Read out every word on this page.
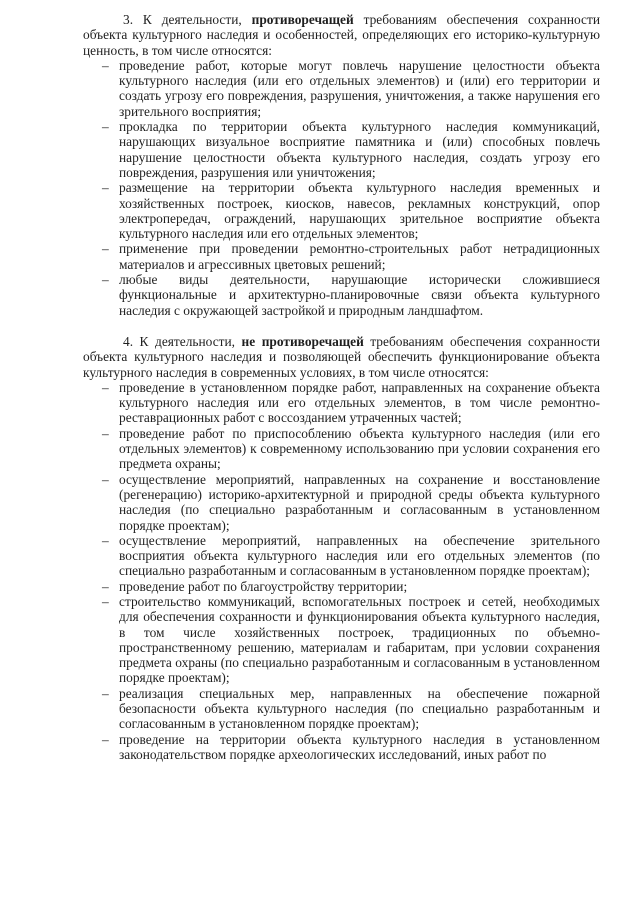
3. К деятельности, противоречащей требованиям обеспечения сохранности объекта культурного наследия и особенностей, определяющих его историко-культурную ценность, в том числе относятся:

– проведение работ, которые могут повлечь нарушение целостности объекта культурного наследия (или его отдельных элементов) и (или) его территории и создать угрозу его повреждения, разрушения, уничтожения, а также нарушения его зрительного восприятия;
– прокладка по территории объекта культурного наследия коммуникаций, нарушающих визуальное восприятие памятника и (или) способных повлечь нарушение целостности объекта культурного наследия, создать угрозу его повреждения, разрушения или уничтожения;
– размещение на территории объекта культурного наследия временных и хозяйственных построек, киосков, навесов, рекламных конструкций, опор электропередач, ограждений, нарушающих зрительное восприятие объекта культурного наследия или его отдельных элементов;
– применение при проведении ремонтно-строительных работ нетрадиционных материалов и агрессивных цветовых решений;
– любые виды деятельности, нарушающие исторически сложившиеся функциональные и архитектурно-планировочные связи объекта культурного наследия с окружающей застройкой и природным ландшафтом.

4. К деятельности, не противоречащей требованиям обеспечения сохранности объекта культурного наследия и позволяющей обеспечить функционирование объекта культурного наследия в современных условиях, в том числе относятся:

– проведение в установленном порядке работ, направленных на сохранение объекта культурного наследия или его отдельных элементов, в том числе ремонтно-реставрационных работ с воссозданием утраченных частей;
– проведение работ по приспособлению объекта культурного наследия (или его отдельных элементов) к современному использованию при условии сохранения его предмета охраны;
– осуществление мероприятий, направленных на сохранение и восстановление (регенерацию) историко-архитектурной и природной среды объекта культурного наследия (по специально разработанным и согласованным в установленном порядке проектам);
– осуществление мероприятий, направленных на обеспечение зрительного восприятия объекта культурного наследия или его отдельных элементов (по специально разработанным и согласованным в установленном порядке проектам);
– проведение работ по благоустройству территории;
– строительство коммуникаций, вспомогательных построек и сетей, необходимых для обеспечения сохранности и функционирования объекта культурного наследия, в том числе хозяйственных построек, традиционных по объемно-пространственному решению, материалам и габаритам, при условии сохранения предмета охраны (по специально разработанным и согласованным в установленном порядке проектам);
– реализация специальных мер, направленных на обеспечение пожарной безопасности объекта культурного наследия (по специально разработанным и согласованным в установленном порядке проектам);
– проведение на территории объекта культурного наследия в установленном законодательством порядке археологических исследований, иных работ по
